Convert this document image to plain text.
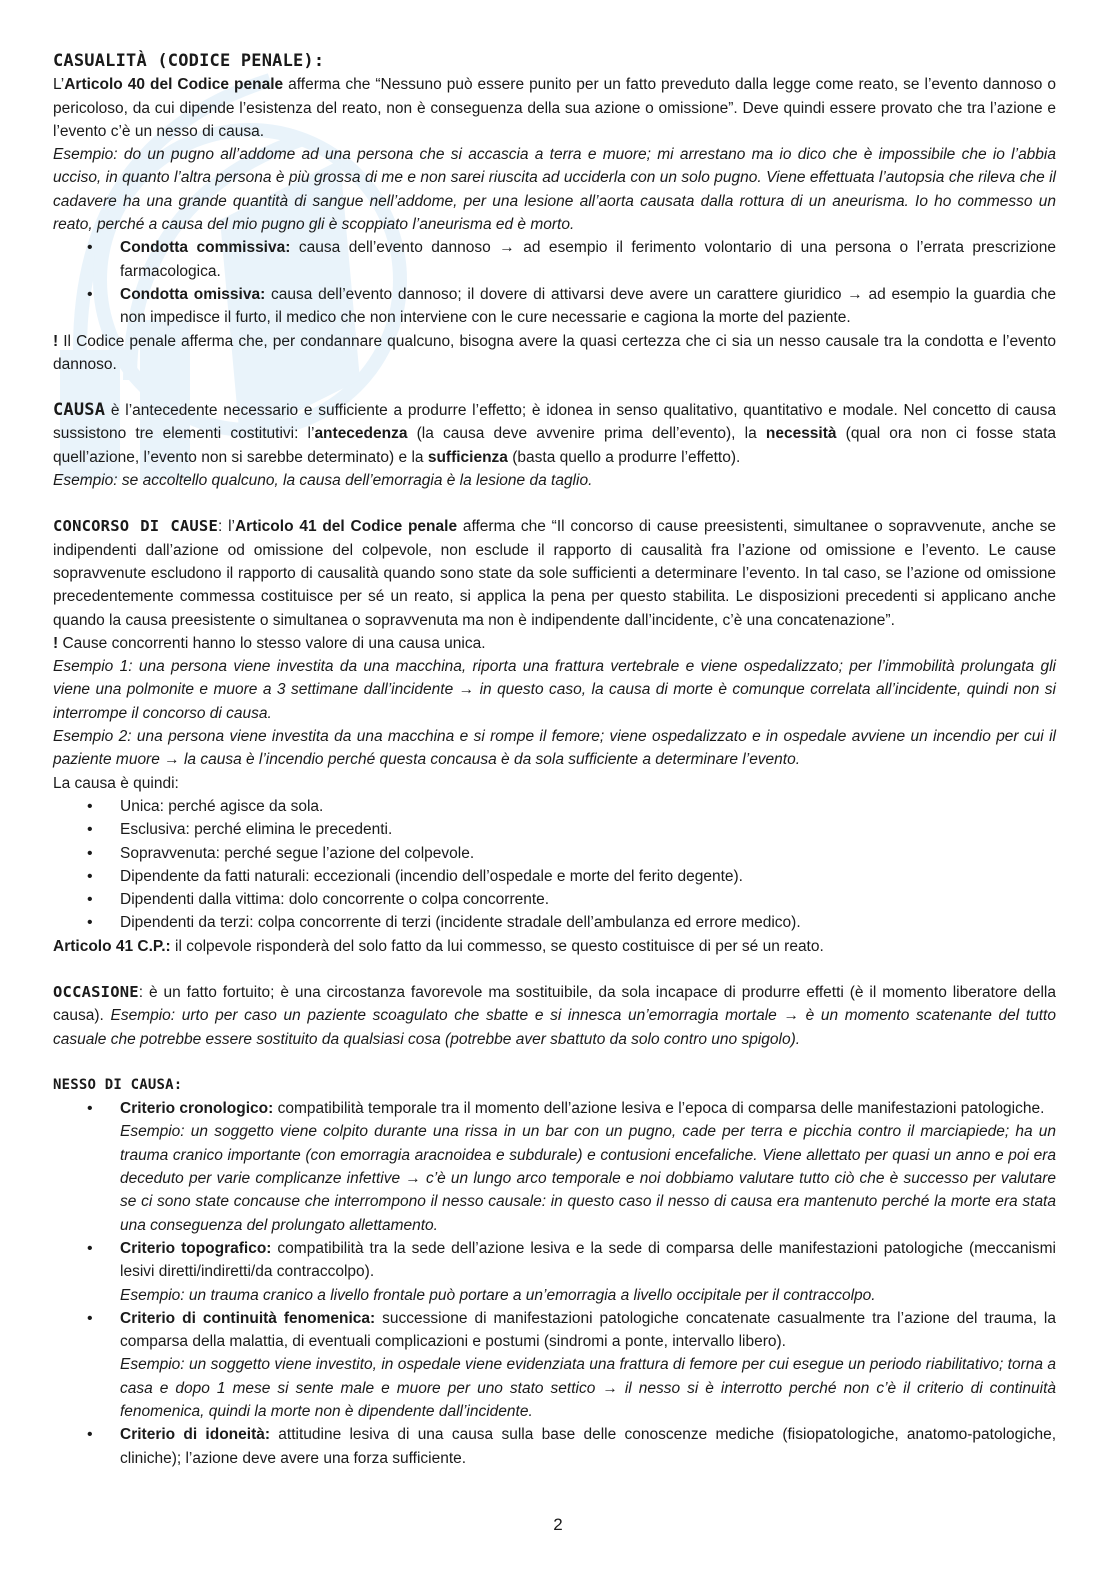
CASUALITÀ (CODICE PENALE):

L’Articolo 40 del Codice penale afferma che “Nessuno può essere punito per un fatto preveduto dalla legge come reato, se l’evento dannoso o pericoloso, da cui dipende l’esistenza del reato, non è conseguenza della sua azione o omissione”. Deve quindi essere provato che tra l’azione e l’evento c’è un nesso di causa.

Esempio: do un pugno all’addome ad una persona che si accascia a terra e muore; mi arrestano ma io dico che è impossibile che io l’abbia ucciso, in quanto l’altra persona è più grossa di me e non sarei riuscita ad ucciderla con un solo pugno. Viene effettuata l’autopsia che rileva che il cadavere ha una grande quantità di sangue nell’addome, per una lesione all’aorta causata dalla rottura di un aneurisma. Io ho commesso un reato, perché a causa del mio pugno gli è scoppiato l’aneurisma ed è morto.

• Condotta commissiva: causa dell’evento dannoso → ad esempio il ferimento volontario di una persona o l’errata prescrizione farmacologica.
• Condotta omissiva: causa dell’evento dannoso; il dovere di attivarsi deve avere un carattere giuridico → ad esempio la guardia che non impedisce il furto, il medico che non interviene con le cure necessarie e cagiona la morte del paziente.

! Il Codice penale afferma che, per condannare qualcuno, bisogna avere la quasi certezza che ci sia un nesso causale tra la condotta e l’evento dannoso.

CAUSA è l’antecedente necessario e sufficiente a produrre l’effetto; è idonea in senso qualitativo, quantitativo e modale. Nel concetto di causa sussistono tre elementi costitutivi: l’antecedenza (la causa deve avvenire prima dell’evento), la necessità (qual ora non ci fosse stata quell’azione, l’evento non si sarebbe determinato) e la sufficienza (basta quello a produrre l’effetto).

Esempio: se accoltello qualcuno, la causa dell’emorragia è la lesione da taglio.

CONCORSO DI CAUSE: l’Articolo 41 del Codice penale afferma che “Il concorso di cause preesistenti, simultanee o sopravvenute, anche se indipendenti dall’azione od omissione del colpevole, non esclude il rapporto di causalità fra l’azione od omissione e l’evento. Le cause sopravvenute escludono il rapporto di causalità quando sono state da sole sufficienti a determinare l’evento. In tal caso, se l’azione od omissione precedentemente commessa costituisce per sé un reato, si applica la pena per questo stabilita. Le disposizioni precedenti si applicano anche quando la causa preesistente o simultanea o sopravvenuta ma non è indipendente dall’incidente, c’è una concatenazione”.

! Cause concorrenti hanno lo stesso valore di una causa unica.

Esempio 1: una persona viene investita da una macchina, riporta una frattura vertebrale e viene ospedalizzato; per l’immobilità prolungata gli viene una polmonite e muore a 3 settimane dall’incidente → in questo caso, la causa di morte è comunque correlata all’incidente, quindi non si interrompe il concorso di causa.

Esempio 2: una persona viene investita da una macchina e si rompe il femore; viene ospedalizzato e in ospedale avviene un incendio per cui il paziente muore → la causa è l’incendio perché questa concausa è da sola sufficiente a determinare l’evento.

La causa è quindi:

• Unica: perché agisce da sola.
• Esclusiva: perché elimina le precedenti.
• Sopravvenuta: perché segue l’azione del colpevole.
• Dipendente da fatti naturali: eccezionali (incendio dell’ospedale e morte del ferito degente).
• Dipendenti dalla vittima: dolo concorrente o colpa concorrente.
• Dipendenti da terzi: colpa concorrente di terzi (incidente stradale dell’ambulanza ed errore medico).

Articolo 41 C.P.: il colpevole risponderà del solo fatto da lui commesso, se questo costituisce di per sé un reato.

OCCASIONE: è un fatto fortuito; è una circostanza favorevole ma sostituibile, da sola incapace di produrre effetti (è il momento liberatore della causa). Esempio: urto per caso un paziente scoagulato che sbatte e si innesca un’emorragia mortale → è un momento scatenante del tutto casuale che potrebbe essere sostituito da qualsiasi cosa (potrebbe aver sbattuto da solo contro uno spigolo).

NESSO DI CAUSA:

• Criterio cronologico: compatibilità temporale tra il momento dell’azione lesiva e l’epoca di comparsa delle manifestazioni patologiche.
Esempio: un soggetto viene colpito durante una rissa in un bar con un pugno, cade per terra e picchia contro il marciapiede; ha un trauma cranico importante (con emorragia aracnoidea e subdurale) e contusioni encefaliche. Viene allettato per quasi un anno e poi era deceduto per varie complicanze infettive → c’è un lungo arco temporale e noi dobbiamo valutare tutto ciò che è successo per valutare se ci sono state concause che interrompono il nesso causale: in questo caso il nesso di causa era mantenuto perché la morte era stata una conseguenza del prolungato allettamento.
• Criterio topografico: compatibilità tra la sede dell’azione lesiva e la sede di comparsa delle manifestazioni patologiche (meccanismi lesivi diretti/indiretti/da contraccolpo).
Esempio: un trauma cranico a livello frontale può portare a un’emorragia a livello occipitale per il contraccolpo.
• Criterio di continuità fenomenica: successione di manifestazioni patologiche concatenate casualmente tra l’azione del trauma, la comparsa della malattia, di eventuali complicazioni e postumi (sindromi a ponte, intervallo libero).
Esempio: un soggetto viene investito, in ospedale viene evidenziata una frattura di femore per cui esegue un periodo riabilitativo; torna a casa e dopo 1 mese si sente male e muore per uno stato settico → il nesso si è interrotto perché non c’è il criterio di continuità fenomenica, quindi la morte non è dipendente dall’incidente.
• Criterio di idoneità: attitudine lesiva di una causa sulla base delle conoscenze mediche (fisiopatologiche, anatomo-patologiche, cliniche); l’azione deve avere una forza sufficiente.
2
